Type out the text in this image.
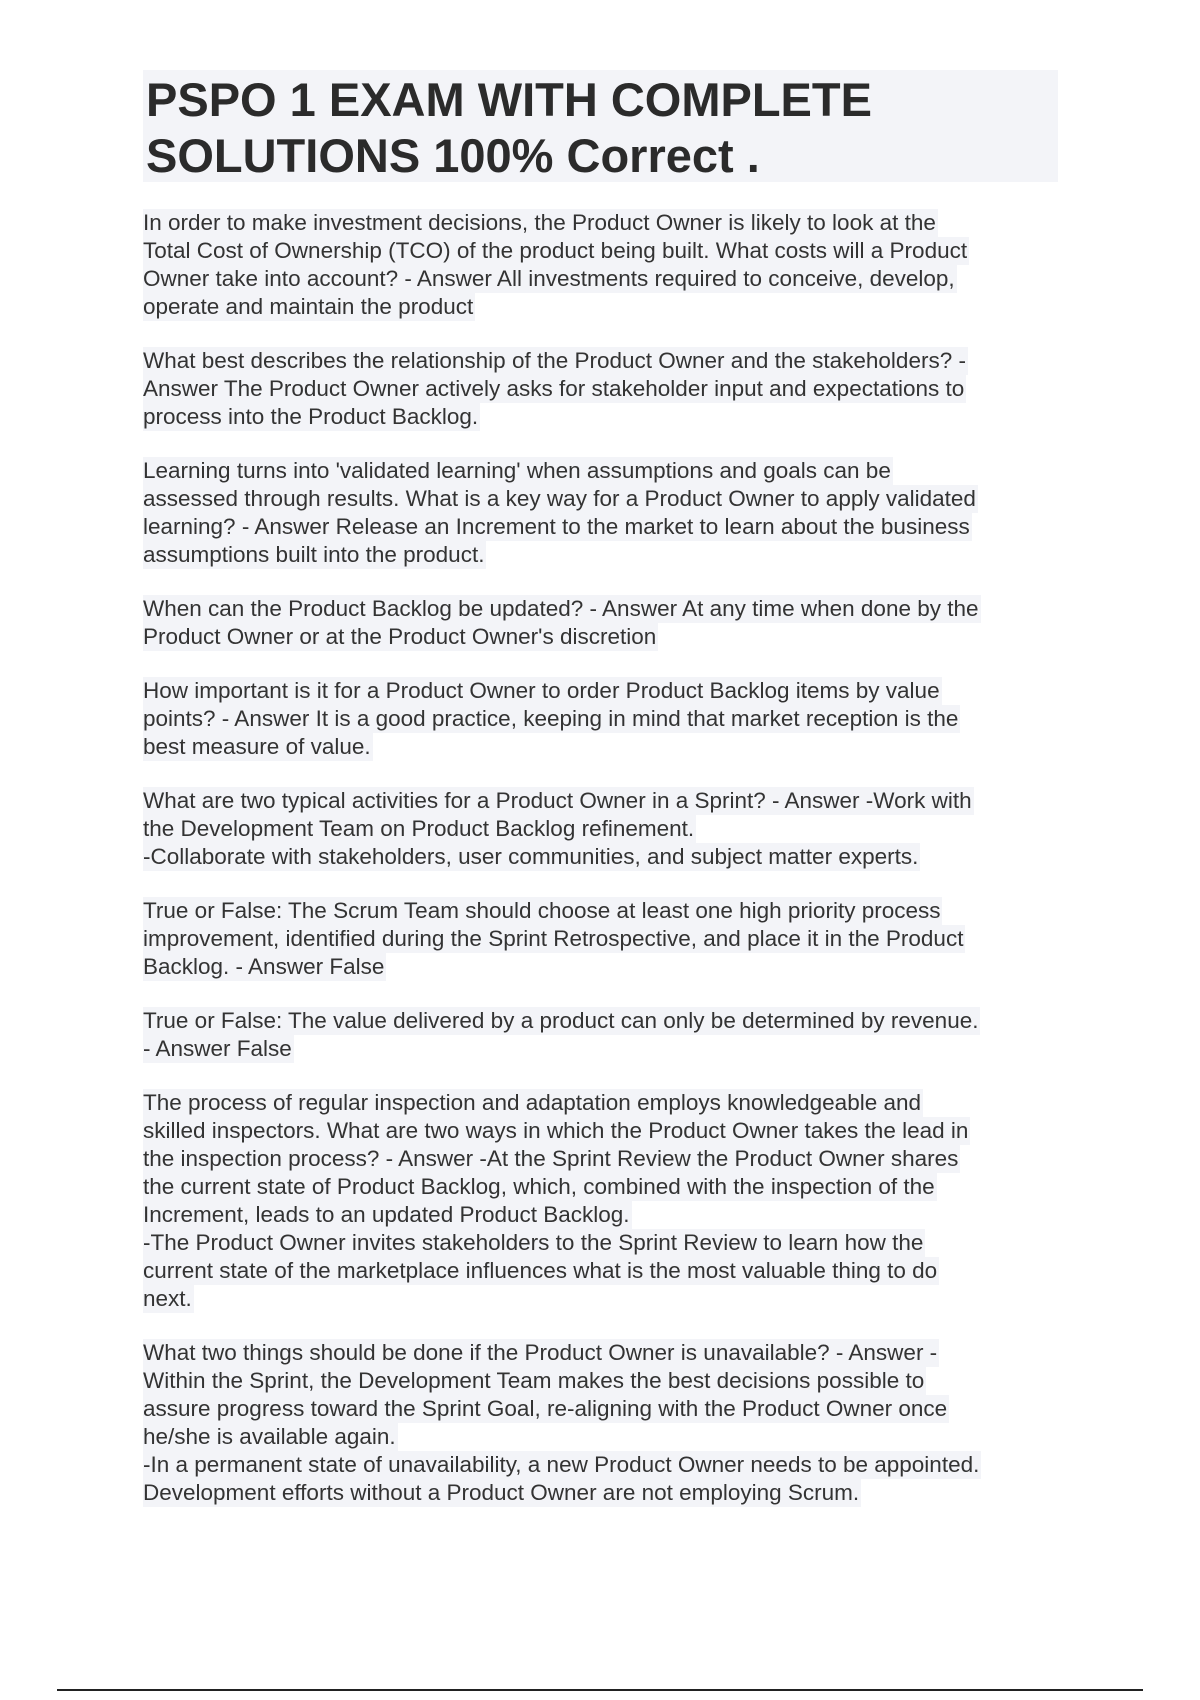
PSPO 1 EXAM WITH COMPLETE
SOLUTIONS 100% Correct .
In order to make investment decisions, the Product Owner is likely to look at the
Total Cost of Ownership (TCO) of the product being built. What costs will a Product
Owner take into account? - Answer All investments required to conceive, develop,
operate and maintain the product
What best describes the relationship of the Product Owner and the stakeholders? -
Answer The Product Owner actively asks for stakeholder input and expectations to
process into the Product Backlog.
Learning turns into 'validated learning' when assumptions and goals can be
assessed through results. What is a key way for a Product Owner to apply validated
learning? - Answer Release an Increment to the market to learn about the business
assumptions built into the product.
When can the Product Backlog be updated? - Answer At any time when done by the
Product Owner or at the Product Owner's discretion
How important is it for a Product Owner to order Product Backlog items by value
points? - Answer It is a good practice, keeping in mind that market reception is the
best measure of value.
What are two typical activities for a Product Owner in a Sprint? - Answer -Work with
the Development Team on Product Backlog refinement.
-Collaborate with stakeholders, user communities, and subject matter experts.
True or False: The Scrum Team should choose at least one high priority process
improvement, identified during the Sprint Retrospective, and place it in the Product
Backlog. - Answer False
True or False: The value delivered by a product can only be determined by revenue.
- Answer False
The process of regular inspection and adaptation employs knowledgeable and
skilled inspectors. What are two ways in which the Product Owner takes the lead in
the inspection process? - Answer -At the Sprint Review the Product Owner shares
the current state of Product Backlog, which, combined with the inspection of the
Increment, leads to an updated Product Backlog.
-The Product Owner invites stakeholders to the Sprint Review to learn how the
current state of the marketplace influences what is the most valuable thing to do
next.
What two things should be done if the Product Owner is unavailable? - Answer -
Within the Sprint, the Development Team makes the best decisions possible to
assure progress toward the Sprint Goal, re-aligning with the Product Owner once
he/she is available again.
-In a permanent state of unavailability, a new Product Owner needs to be appointed.
Development efforts without a Product Owner are not employing Scrum.
